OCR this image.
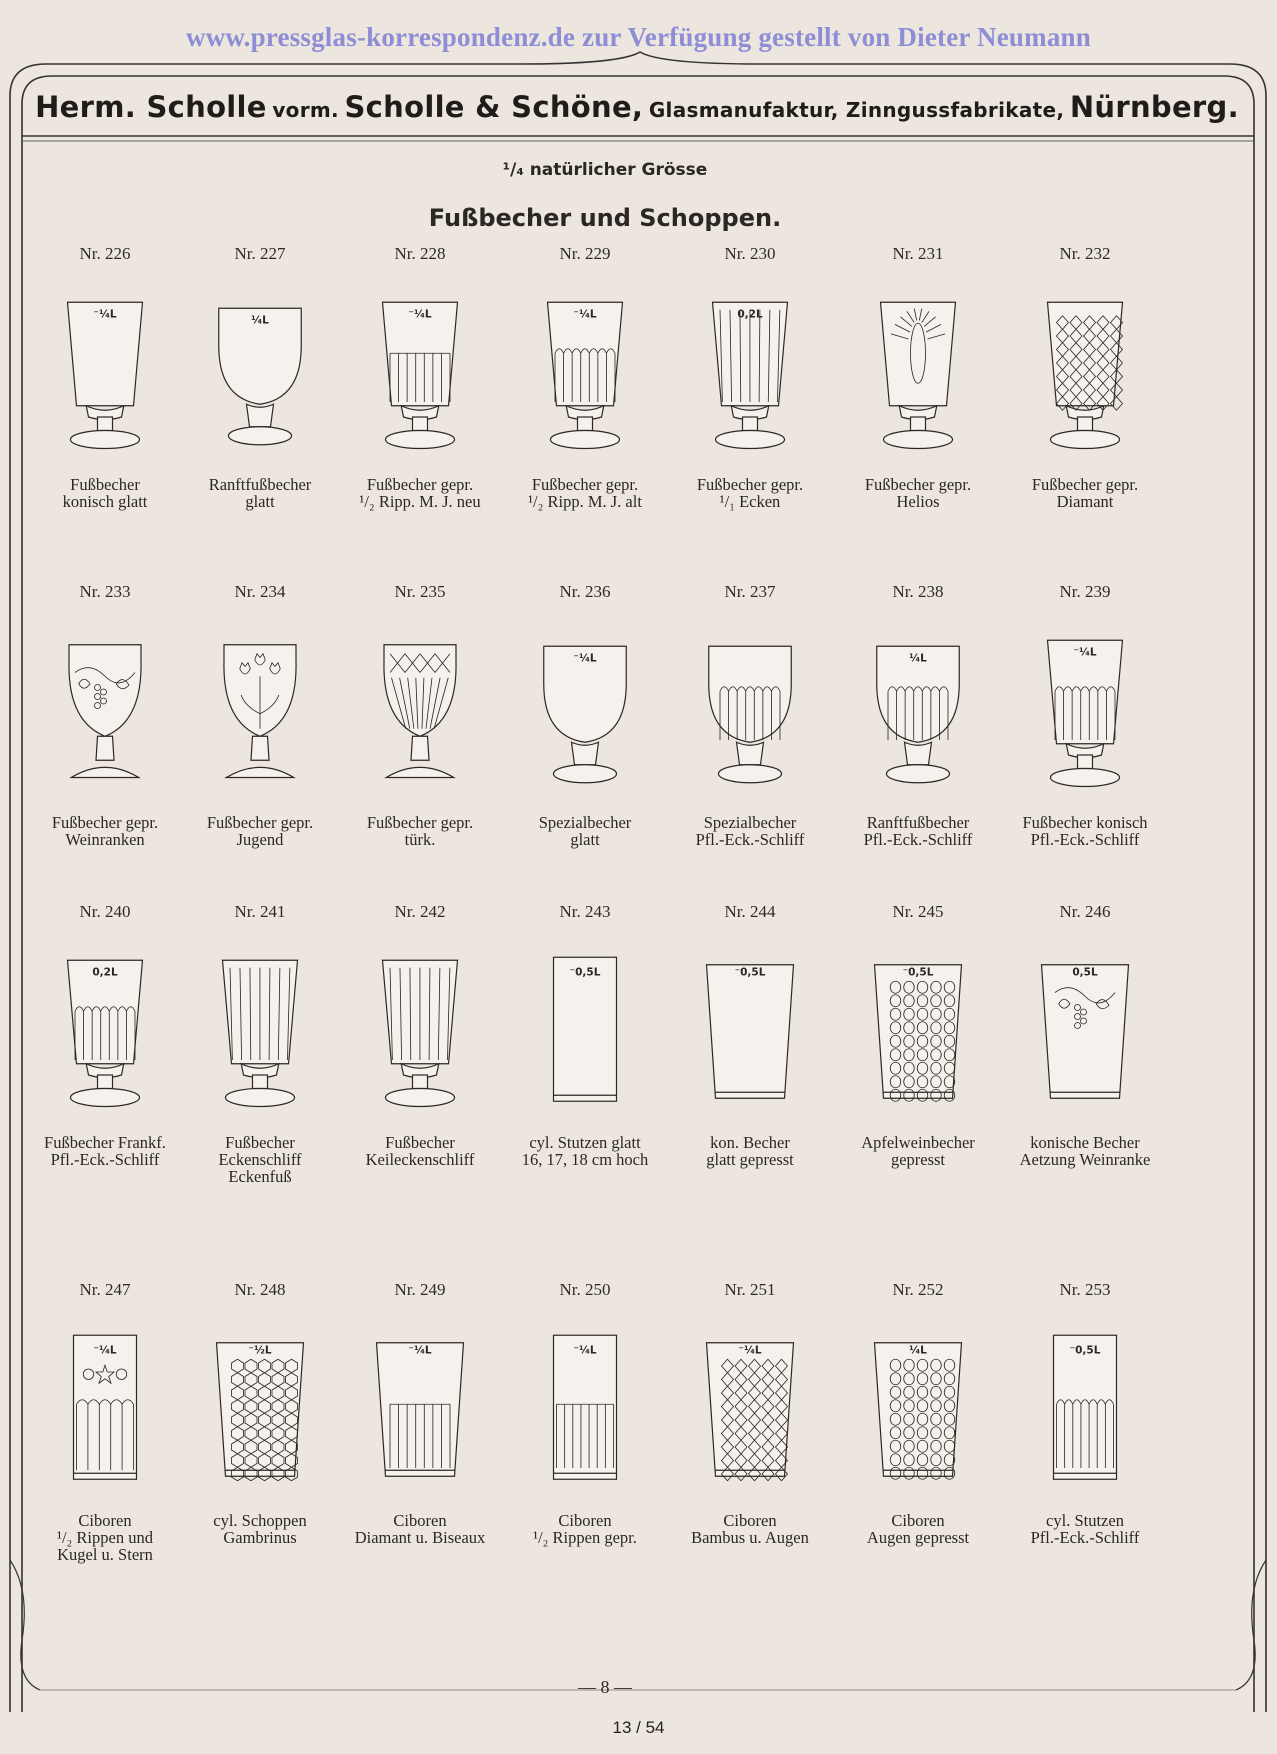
www.pressglas-korrespondenz.de zur Verfügung gestellt von Dieter Neumann
Herm. Scholle vorm. Scholle & Schöne, Glasmanufaktur, Zinngussfabrikate, Nürnberg.
¹/₄ natürlicher Grösse
Fußbecher und Schoppen.
Nr. 226
⁻¹⁄₄L
Fußbecher
konisch glatt
Nr. 227
¹⁄₄L
Ranftfußbecher
glatt
Nr. 228
⁻¹⁄₄L
Fußbecher gepr.
¹/₂ Ripp. M. J. neu
Nr. 229
⁻¹⁄₄L
Fußbecher gepr.
¹/₂ Ripp. M. J. alt
Nr. 230
0,2L
Fußbecher gepr.
¹/₁ Ecken
Nr. 231
Fußbecher gepr.
Helios
Nr. 232
Fußbecher gepr.
Diamant
Nr. 233
Fußbecher gepr.
Weinranken
Nr. 234
Fußbecher gepr.
Jugend
Nr. 235
Fußbecher gepr.
türk.
Nr. 236
⁻¹⁄₄L
Spezialbecher
glatt
Nr. 237
Spezialbecher
Pfl.-Eck.-Schliff
Nr. 238
¹⁄₄L
Ranftfußbecher
Pfl.-Eck.-Schliff
Nr. 239
⁻¹⁄₄L
Fußbecher konisch
Pfl.-Eck.-Schliff
Nr. 240
0,2L
Fußbecher Frankf.
Pfl.-Eck.-Schliff
Nr. 241
Fußbecher
Eckenschliff
Eckenfuß
Nr. 242
Fußbecher
Keileckenschliff
Nr. 243
⁻0,5L
cyl. Stutzen glatt
16, 17, 18 cm hoch
Nr. 244
⁻0,5L
kon. Becher
glatt gepresst
Nr. 245
⁻0,5L
Apfelweinbecher
gepresst
Nr. 246
0,5L
konische Becher
Aetzung Weinranke
Nr. 247
⁻¹⁄₄L
Ciboren
¹/₂ Rippen und
Kugel u. Stern
Nr. 248
⁻¹⁄₂L
cyl. Schoppen
Gambrinus
Nr. 249
⁻¹⁄₄L
Ciboren
Diamant u. Biseaux
Nr. 250
⁻¹⁄₄L
Ciboren
¹/₂ Rippen gepr.
Nr. 251
⁻¹⁄₄L
Ciboren
Bambus u. Augen
Nr. 252
¹⁄₄L
Ciboren
Augen gepresst
Nr. 253
⁻0,5L
cyl. Stutzen
Pfl.-Eck.-Schliff
— 8 —
13 / 54
